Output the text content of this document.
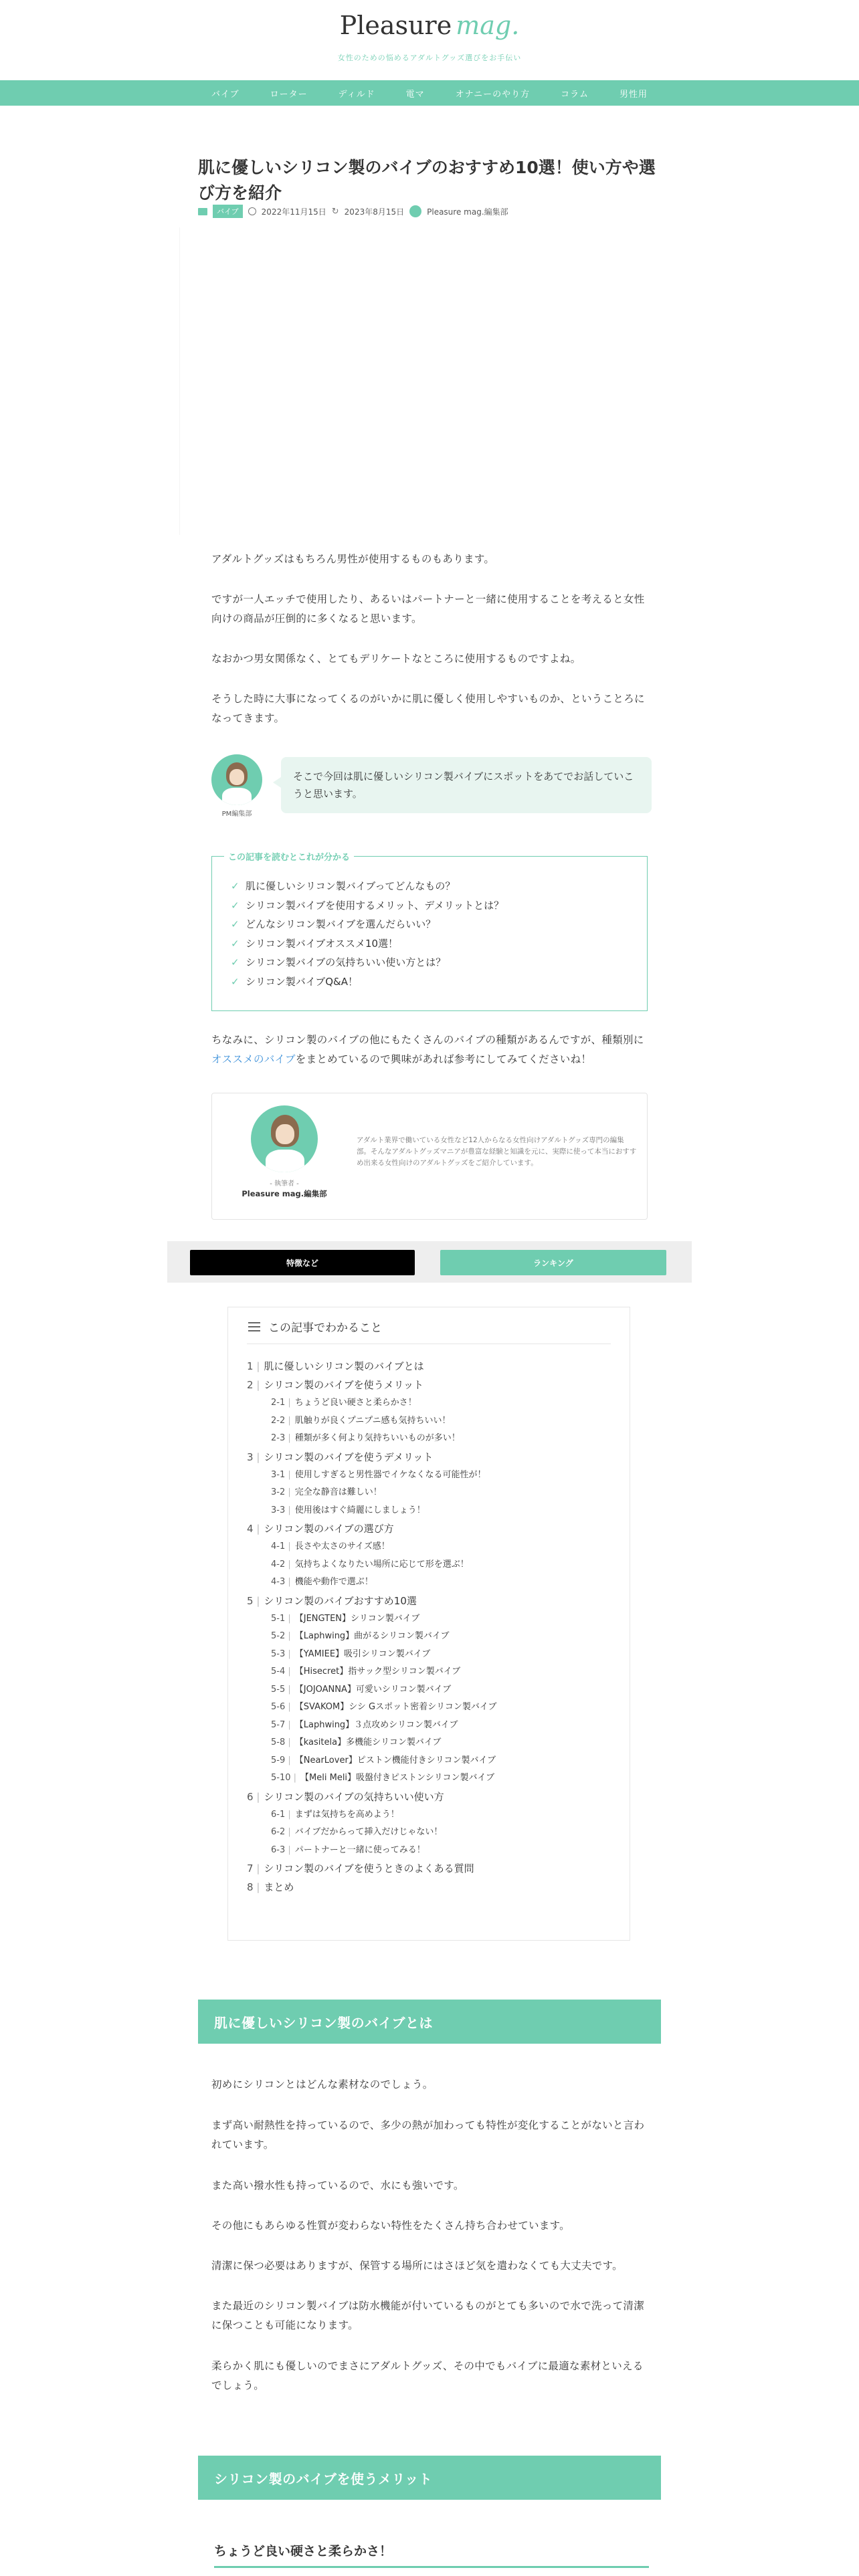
Pleasure mag.
女性のための悩めるアダルトグッズ選びをお手伝い
バイブ	ローター	ディルド	電マ	オナニーのやり方	コラム	男性用
肌に優しいシリコン製のバイブのおすすめ10選！使い方や選び方を紹介
バイブ	2022年11月15日 ↻ 2023年8月15日	Pleasure mag.編集部

アダルトグッズはもちろん男性が使用するものもあります。

ですが一人エッチで使用したり、あるいはパートナーと一緒に使用することを考えると女性向けの商品が圧倒的に多くなると思います。

なおかつ男女関係なく、とてもデリケートなところに使用するものですよね。

そうした時に大事になってくるのがいかに肌に優しく使用しやすいものか、ということろになってきます。

PM編集部
そこで今回は肌に優しいシリコン製バイブにスポットをあてでお話していこうと思います。
この記事を読むとこれが分かる
✓ 肌に優しいシリコン製バイブってどんなもの？
✓ シリコン製バイブを使用するメリット、デメリットとは？
✓ どんなシリコン製バイブを選んだらいい？
✓ シリコン製バイブオススメ10選！
✓ シリコン製バイブの気持ちいい使い方とは？
✓ シリコン製バイブQ&A！

ちなみに、シリコン製のバイブの他にもたくさんのバイブの種類があるんですが、種類別にオススメのバイブをまとめているので興味があれば参考にしてみてくださいね！

- 執筆者 -
Pleasure mag.編集部
アダルト業界で働いている女性など12人からなる女性向けアダルトグッズ専門の編集部。そんなアダルトグッズマニアが豊富な経験と知識を元に、実際に使って本当におすすめ出来る女性向けのアダルトグッズをご紹介しています。
特徴など	ランキング
この記事でわかること
1 | 肌に優しいシリコン製のバイブとは
2 | シリコン製のバイブを使うメリット
2-1 | ちょうど良い硬さと柔らかさ！
2-2 | 肌触りが良くプニプニ感も気持ちいい！
2-3 | 種類が多く何より気持ちいいものが多い！
3 | シリコン製のバイブを使うデメリット
3-1 | 使用しすぎると男性器でイケなくなる可能性が！
3-2 | 完全な静音は難しい！
3-3 | 使用後はすぐ綺麗にしましょう！
4 | シリコン製のバイブの選び方
4-1 | 長さや太さのサイズ感！
4-2 | 気持ちよくなりたい場所に応じて形を選ぶ！
4-3 | 機能や動作で選ぶ！
5 | シリコン製のバイブおすすめ10選
5-1 | 【JENGTEN】シリコン製バイブ
5-2 | 【Laphwing】曲がるシリコン製バイブ
5-3 | 【YAMIEE】吸引シリコン製バイブ
5-4 | 【Hisecret】指サック型シリコン製バイブ
5-5 | 【JOJOANNA】可愛いシリコン製バイブ
5-6 | 【SVAKOM】シシ Gスポット密着シリコン製バイブ
5-7 | 【Laphwing】３点攻めシリコン製バイブ
5-8 | 【kasitela】多機能シリコン製バイブ
5-9 | 【NearLover】ピストン機能付きシリコン製バイブ
5-10 | 【Meli Meli】吸盤付きピストンシリコン製バイブ
6 | シリコン製のバイブの気持ちいい使い方
6-1 | まずは気持ちを高めよう！
6-2 | バイブだからって挿入だけじゃない！
6-3 | パートナーと一緒に使ってみる！
7 | シリコン製のバイブを使うときのよくある質問
8 | まとめ
肌に優しいシリコン製のバイブとは

初めにシリコンとはどんな素材なのでしょう。

まず高い耐熱性を持っているので、多少の熱が加わっても特性が変化することがないと言われています。

また高い撥水性も持っているので、水にも強いです。

その他にもあらゆる性質が変わらない特性をたくさん持ち合わせています。

清潔に保つ必要はありますが、保管する場所にはさほど気を遣わなくても大丈夫です。

また最近のシリコン製バイブは防水機能が付いているものがとても多いので水で洗って清潔に保つことも可能になります。

柔らかく肌にも優しいのでまさにアダルトグッズ、その中でもバイブに最適な素材といえるでしょう。

シリコン製のバイブを使うメリット
ちょうど良い硬さと柔らかさ！
